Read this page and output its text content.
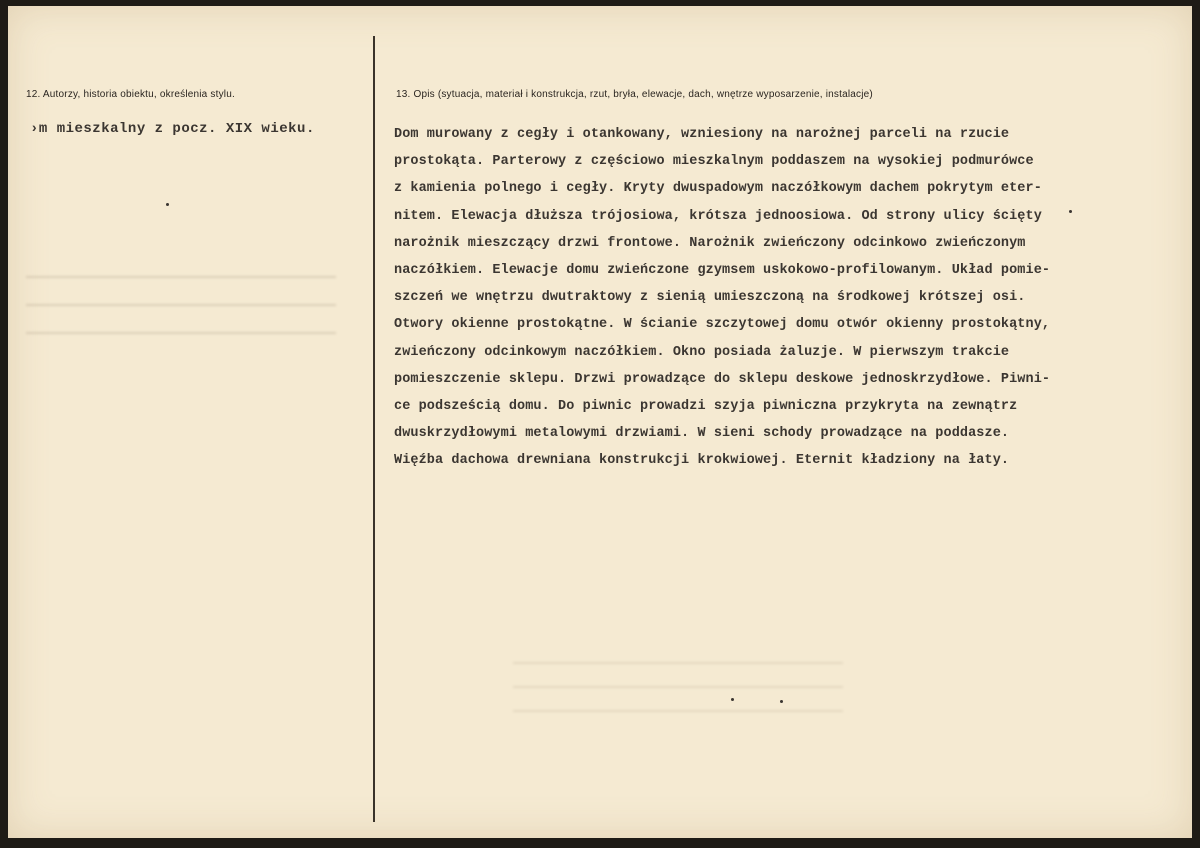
12. Autorzy, historia obiektu, określenia stylu.
›m mieszkalny z pocz. XIX wieku.
13. Opis (sytuacja, materiał i konstrukcja, rzut, bryła, elewacje, dach, wnętrze wyposarzenie, instalacje)
Dom murowany z cegły i otankowany, wzniesiony na narożnej parceli na rzucie
prostokąta. Parterowy z częściowo mieszkalnym poddaszem na wysokiej podmurówce
z kamienia polnego i cegły. Kryty dwuspadowym naczółkowym dachem pokrytym eter-
nitem. Elewacja dłuższa trójosiowa, krótsza jednoosiowa. Od strony ulicy ścięty
narożnik mieszczący drzwi frontowe. Narożnik zwieńczony odcinkowo zwieńczonym
naczółkiem. Elewacje domu zwieńczone gzymsem uskokowo-profilowanym. Układ pomie-
szczeń we wnętrzu dwutraktowy z sienią umieszczoną na środkowej krótszej osi.
Otwory okienne prostokątne. W ścianie szczytowej domu otwór okienny prostokątny,
zwieńczony odcinkowym naczółkiem. Okno posiada żaluzje. W pierwszym trakcie
pomieszczenie sklepu. Drzwi prowadzące do sklepu deskowe jednoskrzydłowe. Piwni-
ce podsześcią domu. Do piwnic prowadzi szyja piwniczna przykryta na zewnątrz
dwuskrzydłowymi metalowymi drzwiami. W sieni schody prowadzące na poddasze.
Więźba dachowa drewniana konstrukcji krokwiowej. Eternit kładziony na łaty.
